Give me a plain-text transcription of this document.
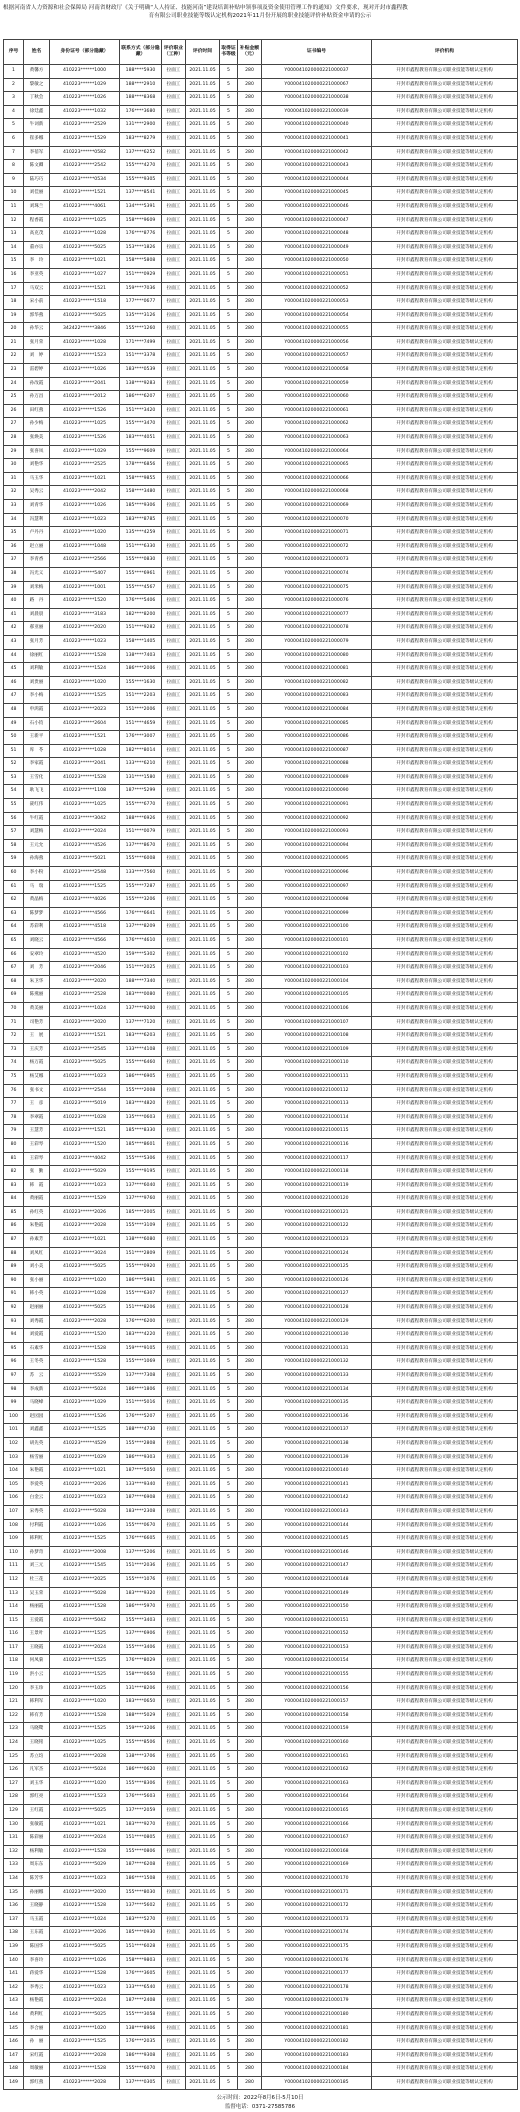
根据河南省人力资源和社会保障局 河南省财政厅《关于明确“人人持证、技能河南”建设培训补贴申领事项及资金使用管理工作的通知》文件要求，现对开封市鑫程教
育有限公司职业技能等级认定机构2021年11月份开展的职业技能评价补贴资金申请的公示
序号	姓名	身份证号（部分隐藏）	联系方式（部分隐藏）	评价职业（工种）	评价时间	取得证书等级	补贴金额（元）	证书编号	评价机构
1	黄馨方	410223******1000	188****5930	拉面工	2021.11.05	5	280	Y000041020000221000037	开封市鑫程教育有限公司职业技能等级认定机构
2	黎敏之	410223******1029	188****2910	拉面工	2021.11.05	5	280	Y000041020000221000067	开封市鑫程教育有限公司职业技能等级认定机构
3	丁秋会	410223******1026	188****8368	拉面工	2021.11.05	5	280	Y000041020000221000038	开封市鑫程教育有限公司职业技能等级认定机构
4	徐廷鑫	410223******1032	176****3680	拉面工	2021.11.05	5	280	Y000041020000221000039	开封市鑫程教育有限公司职业技能等级认定机构
5	牛词新	410223******2529	131****2900	拉面工	2021.11.05	5	280	Y000041020000221000040	开封市鑫程教育有限公司职业技能等级认定机构
6	崔多娜	410223******1529	183****8279	拉面工	2021.11.05	5	280	Y000041020000221000041	开封市鑫程教育有限公司职业技能等级认定机构
7	李蓓军	410223******0582	137****6252	拉面工	2021.11.05	5	280	Y000041020000221000042	开封市鑫程教育有限公司职业技能等级认定机构
8	陈文卿	410223******2542	155****4270	拉面工	2021.11.05	5	280	Y000041020000221000043	开封市鑫程教育有限公司职业技能等级认定机构
9	陆巧巧	410223******0534	155****9305	拉面工	2021.11.05	5	280	Y000041020000221000044	开封市鑫程教育有限公司职业技能等级认定机构
10	刘佳丽	410223******1521	137****8541	拉面工	2021.11.05	5	280	Y000041020000221000045	开封市鑫程教育有限公司职业技能等级认定机构
11	刘珠兰	410223******4061	134****5391	拉面工	2021.11.05	5	280	Y000041020000221000046	开封市鑫程教育有限公司职业技能等级认定机构
12	程香霞	410223******1025	158****9609	拉面工	2021.11.05	5	280	Y000041020000221000047	开封市鑫程教育有限公司职业技能等级认定机构
13	高克茂	410223******1028	176****8776	拉面工	2021.11.05	5	280	Y000041020000221000048	开封市鑫程教育有限公司职业技能等级认定机构
14	董亦宗	410223******5025	153****1826	拉面工	2021.11.05	5	280	Y000041020000221000049	开封市鑫程教育有限公司职业技能等级认定机构
15	李　玲	410223******1021	158****5808	拉面工	2021.11.05	5	280	Y000041020000221000050	开封市鑫程教育有限公司职业技能等级认定机构
16	李亚英	410223******1027	151****0929	拉面工	2021.11.05	5	280	Y000041020000221000051	开封市鑫程教育有限公司职业技能等级认定机构
17	马双云	410223******1521	159****7036	拉面工	2021.11.05	5	280	Y000041020000221000052	开封市鑫程教育有限公司职业技能等级认定机构
18	宋小前	410223******1518	177****0677	拉面工	2021.11.05	5	280	Y000041020000221000053	开封市鑫程教育有限公司职业技能等级认定机构
19	郭华燕	410223******5025	135****3126	拉面工	2021.11.05	5	280	Y000041020000221000054	开封市鑫程教育有限公司职业技能等级认定机构
20	孙华云	342422******3846	155****1260	拉面工	2021.11.05	5	280	Y000041020000221000055	开封市鑫程教育有限公司职业技能等级认定机构
21	张月荣	410223******1028	171****7499	拉面工	2021.11.05	5	280	Y000041020000221000056	开封市鑫程教育有限公司职业技能等级认定机构
22	刘　婷	410223******1523	151****3378	拉面工	2021.11.05	5	280	Y000041020000221000057	开封市鑫程教育有限公司职业技能等级认定机构
23	雷碧婷	410223******1026	183****0539	拉面工	2021.11.05	5	280	Y000041020000221000058	开封市鑫程教育有限公司职业技能等级认定机构
24	孙改霞	410223******2041	138****9283	拉面工	2021.11.05	5	280	Y000041020000221000059	开封市鑫程教育有限公司职业技能等级认定机构
25	孙万昌	410223******2012	186****6207	拉面工	2021.11.05	5	280	Y000041020000221000060	开封市鑫程教育有限公司职业技能等级认定机构
26	田红燕	410223******1526	151****3420	拉面工	2021.11.05	5	280	Y000041020000221000061	开封市鑫程教育有限公司职业技能等级认定机构
27	孙少梅	410223******1025	155****3470	拉面工	2021.11.05	5	280	Y000041020000221000062	开封市鑫程教育有限公司职业技能等级认定机构
28	张焕美	410223******1526	183****4051	拉面工	2021.11.05	5	280	Y000041020000221000063	开封市鑫程教育有限公司职业技能等级认定机构
29	张喜凤	410223******1029	155****9609	拉面工	2021.11.05	5	280	Y000041020000221000064	开封市鑫程教育有限公司职业技能等级认定机构
30	刘艳华	410223******2525	178****6856	拉面工	2021.11.05	5	280	Y000041020000221000065	开封市鑫程教育有限公司职业技能等级认定机构
31	马玉华	410223******1021	158****9855	拉面工	2021.11.05	5	280	Y000041020000221000066	开封市鑫程教育有限公司职业技能等级认定机构
32	吴秀云	410223******2042	158****3480	拉面工	2021.11.05	5	280	Y000041020000221000068	开封市鑫程教育有限公司职业技能等级认定机构
33	刘青华	410223******1026	185****9306	拉面工	2021.11.05	5	280	Y000041020000221000069	开封市鑫程教育有限公司职业技能等级认定机构
34	冯慧利	410223******1023	183****8785	拉面工	2021.11.05	5	280	Y000041020000221000070	开封市鑫程教育有限公司职业技能等级认定机构
35	卢丹丹	410223******1020	135****4259	拉面工	2021.11.05	5	280	Y000041020000221000071	开封市鑫程教育有限公司职业技能等级认定机构
36	赵立丽	410223******1048	151****6330	拉面工	2021.11.05	5	280	Y000041020000221000072	开封市鑫程教育有限公司职业技能等级认定机构
37	李青香	410223******2566	155****0830	拉面工	2021.11.05	5	280	Y000041020000221000073	开封市鑫程教育有限公司职业技能等级认定机构
38	冯光义	410223******5407	155****6961	拉面工	2021.11.05	5	280	Y000041020000221000074	开封市鑫程教育有限公司职业技能等级认定机构
39	刘米梅	410223******1001	155****4567	拉面工	2021.11.05	5	280	Y000041020000221000075	开封市鑫程教育有限公司职业技能等级认定机构
40	路　丹	410223******1520	176****5406	拉面工	2021.11.05	5	280	Y000041020000221000076	开封市鑫程教育有限公司职业技能等级认定机构
41	刘晨晨	410223******3183	182****8200	拉面工	2021.11.05	5	280	Y000041020000221000077	开封市鑫程教育有限公司职业技能等级认定机构
42	郝亚丽	410223******2020	151****9282	拉面工	2021.11.05	5	280	Y000041020000221000078	开封市鑫程教育有限公司职业技能等级认定机构
43	张月芳	410223******1023	158****1405	拉面工	2021.11.05	5	280	Y000041020000221000079	开封市鑫程教育有限公司职业技能等级认定机构
44	徐丽红	410223******1528	138****7403	拉面工	2021.11.05	5	280	Y000041020000221000080	开封市鑫程教育有限公司职业技能等级认定机构
45	刘利敏	410223******1524	186****2006	拉面工	2021.11.05	5	280	Y000041020000221000081	开封市鑫程教育有限公司职业技能等级认定机构
46	刘贵丽	410223******1020	155****1630	拉面工	2021.11.05	5	280	Y000041020000221000082	开封市鑫程教育有限公司职业技能等级认定机构
47	李小梅	410223******1525	151****2203	拉面工	2021.11.05	5	280	Y000041020000221000083	开封市鑫程教育有限公司职业技能等级认定机构
48	申鸿霞	410223******2023	151****2006	拉面工	2021.11.05	5	280	Y000041020000221000084	开封市鑫程教育有限公司职业技能等级认定机构
49	石小钧	410223******2604	151****4659	拉面工	2021.11.05	5	280	Y000041020000221000085	开封市鑫程教育有限公司职业技能等级认定机构
50	王新平	410223******1521	176****3007	拉面工	2021.11.05	5	280	Y000041020000221000086	开封市鑫程教育有限公司职业技能等级认定机构
51	库　苓	410223******1028	182****8014	拉面工	2021.11.05	5	280	Y000041020000221000087	开封市鑫程教育有限公司职业技能等级认定机构
52	李家霞	410223******2041	133****6210	拉面工	2021.11.05	5	280	Y000041020000221000088	开封市鑫程教育有限公司职业技能等级认定机构
53	王雪化	410223******1528	131****1580	拉面工	2021.11.05	5	280	Y000041020000221000089	开封市鑫程教育有限公司职业技能等级认定机构
54	耿飞飞	410223******1108	187****5299	拉面工	2021.11.05	5	280	Y000041020000221000090	开封市鑫程教育有限公司职业技能等级认定机构
55	聂红伟	410223******1025	155****6770	拉面工	2021.11.05	5	280	Y000041020000221000091	开封市鑫程教育有限公司职业技能等级认定机构
56	牛红霞	410223******3042	188****6926	拉面工	2021.11.05	5	280	Y000041020000221000092	开封市鑫程教育有限公司职业技能等级认定机构
57	刘慧梅	410223******2024	151****0079	拉面工	2021.11.05	5	280	Y000041020000221000093	开封市鑫程教育有限公司职业技能等级认定机构
58	王元允	410223******4526	137****8670	拉面工	2021.11.05	5	280	Y000041020000221000094	开封市鑫程教育有限公司职业技能等级认定机构
59	孙海燕	410223******5021	155****6008	拉面工	2021.11.05	5	280	Y000041020000221000095	开封市鑫程教育有限公司职业技能等级认定机构
60	李小粉	410223******2548	133****7560	拉面工	2021.11.05	5	280	Y000041020000221000096	开封市鑫程教育有限公司职业技能等级认定机构
61	马　瑞	410223******1525	155****7287	拉面工	2021.11.05	5	280	Y000041020000221000097	开封市鑫程教育有限公司职业技能等级认定机构
62	黄晶梅	410223******4026	155****3206	拉面工	2021.11.05	5	280	Y000041020000221000098	开封市鑫程教育有限公司职业技能等级认定机构
63	陈梦梦	410223******4566	176****6641	拉面工	2021.11.05	5	280	Y000041020000221000099	开封市鑫程教育有限公司职业技能等级认定机构
64	苏彩利	410223******4518	137****8209	拉面工	2021.11.05	5	280	Y000041020000221000100	开封市鑫程教育有限公司职业技能等级认定机构
65	刘晓云	410223******4566	176****4610	拉面工	2021.11.05	5	280	Y000041020000221000101	开封市鑫程教育有限公司职业技能等级认定机构
66	安翠玲	410223******4520	159****5302	拉面工	2021.11.05	5	280	Y000041020000221000102	开封市鑫程教育有限公司职业技能等级认定机构
67	刘　芳	410223******2046	151****2025	拉面工	2021.11.05	5	280	Y000041020000221000103	开封市鑫程教育有限公司职业技能等级认定机构
68	朱卫华	410223******2020	188****7340	拉面工	2021.11.05	5	280	Y000041020000221000104	开封市鑫程教育有限公司职业技能等级认定机构
69	陈燕丽	410223******2528	183****0080	拉面工	2021.11.05	5	280	Y000041020000221000105	开封市鑫程教育有限公司职业技能等级认定机构
70	黄美丽	410223******1024	137****9200	拉面工	2021.11.05	5	280	Y000041020000221000106	开封市鑫程教育有限公司职业技能等级认定机构
71	司艳芳	410223******2020	137****7120	拉面工	2021.11.05	5	280	Y000041020000221000107	开封市鑫程教育有限公司职业技能等级认定机构
72	王　展	410223******1521	183****6203	拉面工	2021.11.05	5	280	Y000041020000221000108	开封市鑫程教育有限公司职业技能等级认定机构
73	王庆芳	410223******2545	133****4108	拉面工	2021.11.05	5	280	Y000041020000221000109	开封市鑫程教育有限公司职业技能等级认定机构
74	杨万霞	410223******5025	155****6460	拉面工	2021.11.05	5	280	Y000041020000221000110	开封市鑫程教育有限公司职业技能等级认定机构
75	杨艾娜	410223******1023	186****6905	拉面工	2021.11.05	5	280	Y000041020000221000111	开封市鑫程教育有限公司职业技能等级认定机构
76	张书文	410223******2544	155****2008	拉面工	2021.11.05	5	280	Y000041020000221000112	开封市鑫程教育有限公司职业技能等级认定机构
77	王　彦	410223******5019	183****4820	拉面工	2021.11.05	5	280	Y000041020000221000113	开封市鑫程教育有限公司职业技能等级认定机构
78	李翠霞	410223******1028	135****0603	拉面工	2021.11.05	5	280	Y000041020000221000114	开封市鑫程教育有限公司职业技能等级认定机构
79	王慧芳	410223******1521	185****8330	拉面工	2021.11.05	5	280	Y000041020000221000115	开封市鑫程教育有限公司职业技能等级认定机构
80	王彩琴	410223******1520	185****8601	拉面工	2021.11.05	5	280	Y000041020000221000116	开封市鑫程教育有限公司职业技能等级认定机构
81	王彩琴	410223******4042	155****5306	拉面工	2021.11.05	5	280	Y000041020000221000117	开封市鑫程教育有限公司职业技能等级认定机构
82	张　勤	410223******5029	155****9195	拉面工	2021.11.05	5	280	Y000041020000221000118	开封市鑫程教育有限公司职业技能等级认定机构
83	韩　霞	410223******1023	137****6040	拉面工	2021.11.05	5	280	Y000041020000221000119	开封市鑫程教育有限公司职业技能等级认定机构
84	黄丽霞	410223******1529	137****9760	拉面工	2021.11.05	5	280	Y000041020000221000120	开封市鑫程教育有限公司职业技能等级认定机构
85	孙红英	410223******2026	185****2005	拉面工	2021.11.05	5	280	Y000041020000221000121	开封市鑫程教育有限公司职业技能等级认定机构
86	朱艳霞	410223******2028	155****3109	拉面工	2021.11.05	5	280	Y000041020000221000122	开封市鑫程教育有限公司职业技能等级认定机构
87	孙素芳	410223******1021	138****6080	拉面工	2021.11.05	5	280	Y000041020000221000123	开封市鑫程教育有限公司职业技能等级认定机构
88	刘凤红	410223******3024	151****2809	拉面工	2021.11.05	5	280	Y000041020000221000124	开封市鑫程教育有限公司职业技能等级认定机构
89	刘小美	410223******5025	155****0920	拉面工	2021.11.05	5	280	Y000041020000221000125	开封市鑫程教育有限公司职业技能等级认定机构
90	张小丽	410223******1020	186****5981	拉面工	2021.11.05	5	280	Y000041020000221000126	开封市鑫程教育有限公司职业技能等级认定机构
91	韩小英	410223******1028	155****6307	拉面工	2021.11.05	5	280	Y000041020000221000127	开封市鑫程教育有限公司职业技能等级认定机构
92	赵丽丽	410223******5025	151****8206	拉面工	2021.11.05	5	280	Y000041020000221000128	开封市鑫程教育有限公司职业技能等级认定机构
93	刘秀霞	410223******2028	176****6200	拉面工	2021.11.05	5	280	Y000041020000221000129	开封市鑫程教育有限公司职业技能等级认定机构
94	刘爱霞	410223******1520	183****4220	拉面工	2021.11.05	5	280	Y000041020000221000130	开封市鑫程教育有限公司职业技能等级认定机构
95	石素华	410223******1528	159****9105	拉面工	2021.11.05	5	280	Y000041020000221000131	开封市鑫程教育有限公司职业技能等级认定机构
96	王冬英	410223******1528	155****1069	拉面工	2021.11.05	5	280	Y000041020000221000132	开封市鑫程教育有限公司职业技能等级认定机构
97	苏　云	410223******5529	137****7308	拉面工	2021.11.05	5	280	Y000041020000221000133	开封市鑫程教育有限公司职业技能等级认定机构
98	李成新	410223******5024	186****1806	拉面工	2021.11.05	5	280	Y000041020000221000134	开封市鑫程教育有限公司职业技能等级认定机构
99	马晓峰	410223******1029	151****5016	拉面工	2021.11.05	5	280	Y000041020000221000135	开封市鑫程教育有限公司职业技能等级认定机构
100	赵园园	410223******1526	176****5207	拉面工	2021.11.05	5	280	Y000041020000221000136	开封市鑫程教育有限公司职业技能等级认定机构
101	刘鑫鑫	410223******1525	188****4730	拉面工	2021.11.05	5	280	Y000041020000221000137	开封市鑫程教育有限公司职业技能等级认定机构
102	胡先英	410223******4529	155****2808	拉面工	2021.11.05	5	280	Y000041020000221000138	开封市鑫程教育有限公司职业技能等级认定机构
103	杨雪丽	410223******1029	186****9303	拉面工	2021.11.05	5	280	Y000041020000221000139	开封市鑫程教育有限公司职业技能等级认定机构
104	朱艳霞	410223******1021	187****5050	拉面工	2021.11.05	5	280	Y000041020000221000140	开封市鑫程教育有限公司职业技能等级认定机构
105	李爱英	410223******2026	133****9340	拉面工	2021.11.05	5	280	Y000041020000221000141	开封市鑫程教育有限公司职业技能等级认定机构
106	白金云	410223******1023	187****6908	拉面工	2021.11.05	5	280	Y000041020000221000142	开封市鑫程教育有限公司职业技能等级认定机构
107	宋秀英	410223******5028	183****2308	拉面工	2021.11.05	5	280	Y000041020000221000143	开封市鑫程教育有限公司职业技能等级认定机构
108	付利霞	410223******1026	155****0670	拉面工	2021.11.05	5	280	Y000041020000221000144	开封市鑫程教育有限公司职业技能等级认定机构
109	韩利红	410223******1525	176****6605	拉面工	2021.11.05	5	280	Y000041020000221000145	开封市鑫程教育有限公司职业技能等级认定机构
110	孙梦奇	410223******2008	137****5206	拉面工	2021.11.05	5	280	Y000041020000221000146	开封市鑫程教育有限公司职业技能等级认定机构
111	刘三元	410223******1545	151****2036	拉面工	2021.11.05	5	280	Y000041020000221000147	开封市鑫程教育有限公司职业技能等级认定机构
112	杜三花	410223******2025	155****1076	拉面工	2021.11.05	5	280	Y000041020000221000148	开封市鑫程教育有限公司职业技能等级认定机构
113	吴玉荣	410223******5028	183****9320	拉面工	2021.11.05	5	280	Y000041020000221000149	开封市鑫程教育有限公司职业技能等级认定机构
114	杨丽霞	410223******1528	186****5970	拉面工	2021.11.05	5	280	Y000041020000221000150	开封市鑫程教育有限公司职业技能等级认定机构
115	王爱霞	410223******5042	155****3403	拉面工	2021.11.05	5	280	Y000041020000221000151	开封市鑫程教育有限公司职业技能等级认定机构
116	王景叶	410223******1525	137****6906	拉面工	2021.11.05	5	280	Y000041020000221000152	开封市鑫程教育有限公司职业技能等级认定机构
117	王晓霞	410223******2024	155****3406	拉面工	2021.11.05	5	280	Y000041020000221000153	开封市鑫程教育有限公司职业技能等级认定机构
118	何凤菊	410223******1525	176****8029	拉面工	2021.11.05	5	280	Y000041020000221000154	开封市鑫程教育有限公司职业技能等级认定机构
119	洪小云	410223******1525	158****0650	拉面工	2021.11.05	5	280	Y000041020000221000155	开封市鑫程教育有限公司职业技能等级认定机构
120	李玉珍	410223******1025	131****8206	拉面工	2021.11.05	5	280	Y000041020000221000156	开封市鑫程教育有限公司职业技能等级认定机构
121	韩利军	410223******1020	183****0650	拉面工	2021.11.05	5	280	Y000041020000221000157	开封市鑫程教育有限公司职业技能等级认定机构
122	韩有芳	410223******1528	188****5029	拉面工	2021.11.05	5	280	Y000041020000221000158	开封市鑫程教育有限公司职业技能等级认定机构
123	马晓鹭	410223******1525	159****3206	拉面工	2021.11.05	5	280	Y000041020000221000159	开封市鑫程教育有限公司职业技能等级认定机构
124	王晓铭	410223******1025	155****8506	拉面工	2021.11.05	5	280	Y000041020000221000160	开封市鑫程教育有限公司职业技能等级认定机构
125	苏立均	410223******2028	138****3706	拉面工	2021.11.05	5	280	Y000041020000221000161	开封市鑫程教育有限公司职业技能等级认定机构
126	凡军杰	410223******5024	186****0620	拉面工	2021.11.05	5	280	Y000041020000221000162	开封市鑫程教育有限公司职业技能等级认定机构
127	刘玉华	410223******1020	155****8306	拉面工	2021.11.05	5	280	Y000041020000221000163	开封市鑫程教育有限公司职业技能等级认定机构
128	郭红亮	410223******1523	176****5603	拉面工	2021.11.05	5	280	Y000041020000221000164	开封市鑫程教育有限公司职业技能等级认定机构
129	王红霞	410223******5025	137****2059	拉面工	2021.11.05	5	280	Y000041020000221000165	开封市鑫程教育有限公司职业技能等级认定机构
130	张敏霞	410223******1021	183****9270	拉面工	2021.11.05	5	280	Y000041020000221000166	开封市鑫程教育有限公司职业技能等级认定机构
131	陈彩丽	410223******2024	151****0805	拉面工	2021.11.05	5	280	Y000041020000221000167	开封市鑫程教育有限公司职业技能等级认定机构
132	杨利敏	410223******1528	155****0806	拉面工	2021.11.05	5	280	Y000041020000221000168	开封市鑫程教育有限公司职业技能等级认定机构
133	周东东	410223******5029	187****6208	拉面工	2021.11.05	5	280	Y000041020000221000169	开封市鑫程教育有限公司职业技能等级认定机构
134	陈芳华	410223******1023	186****1508	拉面工	2021.11.05	5	280	Y000041020000221000170	开封市鑫程教育有限公司职业技能等级认定机构
135	孙丽娜	410223******2020	155****8030	拉面工	2021.11.05	5	280	Y000041020000221000171	开封市鑫程教育有限公司职业技能等级认定机构
136	王晓静	410223******1528	137****5602	拉面工	2021.11.05	5	280	Y000041020000221000172	开封市鑫程教育有限公司职业技能等级认定机构
137	马玉霞	410223******1024	183****5270	拉面工	2021.11.05	5	280	Y000041020000221000173	开封市鑫程教育有限公司职业技能等级认定机构
138	王东霞	410223******2026	185****0930	拉面工	2021.11.05	5	280	Y000041020000221000174	开封市鑫程教育有限公司职业技能等级认定机构
139	陈国华	410223******5025	151****6028	拉面工	2021.11.05	5	280	Y000041020000221000175	开封市鑫程教育有限公司职业技能等级认定机构
140	李喜玲	410223******1026	158****9803	拉面工	2021.11.05	5	280	Y000041020000221000176	开封市鑫程教育有限公司职业技能等级认定机构
141	蒋爱华	410223******1528	176****3605	拉面工	2021.11.05	5	280	Y000041020000221000177	开封市鑫程教育有限公司职业技能等级认定机构
142	李秀云	410223******1023	133****6540	拉面工	2021.11.05	5	280	Y000041020000221000178	开封市鑫程教育有限公司职业技能等级认定机构
143	杨艳霞	410223******2024	187****2408	拉面工	2021.11.05	5	280	Y000041020000221000179	开封市鑫程教育有限公司职业技能等级认定机构
144	黄利红	410223******5025	155****3058	拉面工	2021.11.05	5	280	Y000041020000221000180	开封市鑫程教育有限公司职业技能等级认定机构
145	李合丽	410223******1020	138****8906	拉面工	2021.11.05	5	280	Y000041020000221000181	开封市鑫程教育有限公司职业技能等级认定机构
146	孙　丽	410223******1525	176****2035	拉面工	2021.11.05	5	280	Y000041020000221000182	开封市鑫程教育有限公司职业技能等级认定机构
147	宋红霞	410223******2028	186****9308	拉面工	2021.11.05	5	280	Y000041020000221000183	开封市鑫程教育有限公司职业技能等级认定机构
148	周敏丽	410223******1528	155****6070	拉面工	2021.11.05	5	280	Y000041020000221000184	开封市鑫程教育有限公司职业技能等级认定机构
149	郭红燕	410223******2028	137****0305	拉面工	2021.11.05	5	280	Y000041020000221000185	开封市鑫程教育有限公司职业技能等级认定机构
公示时间：2022年8月6日-5月10日
监督电话：0371-27585786
